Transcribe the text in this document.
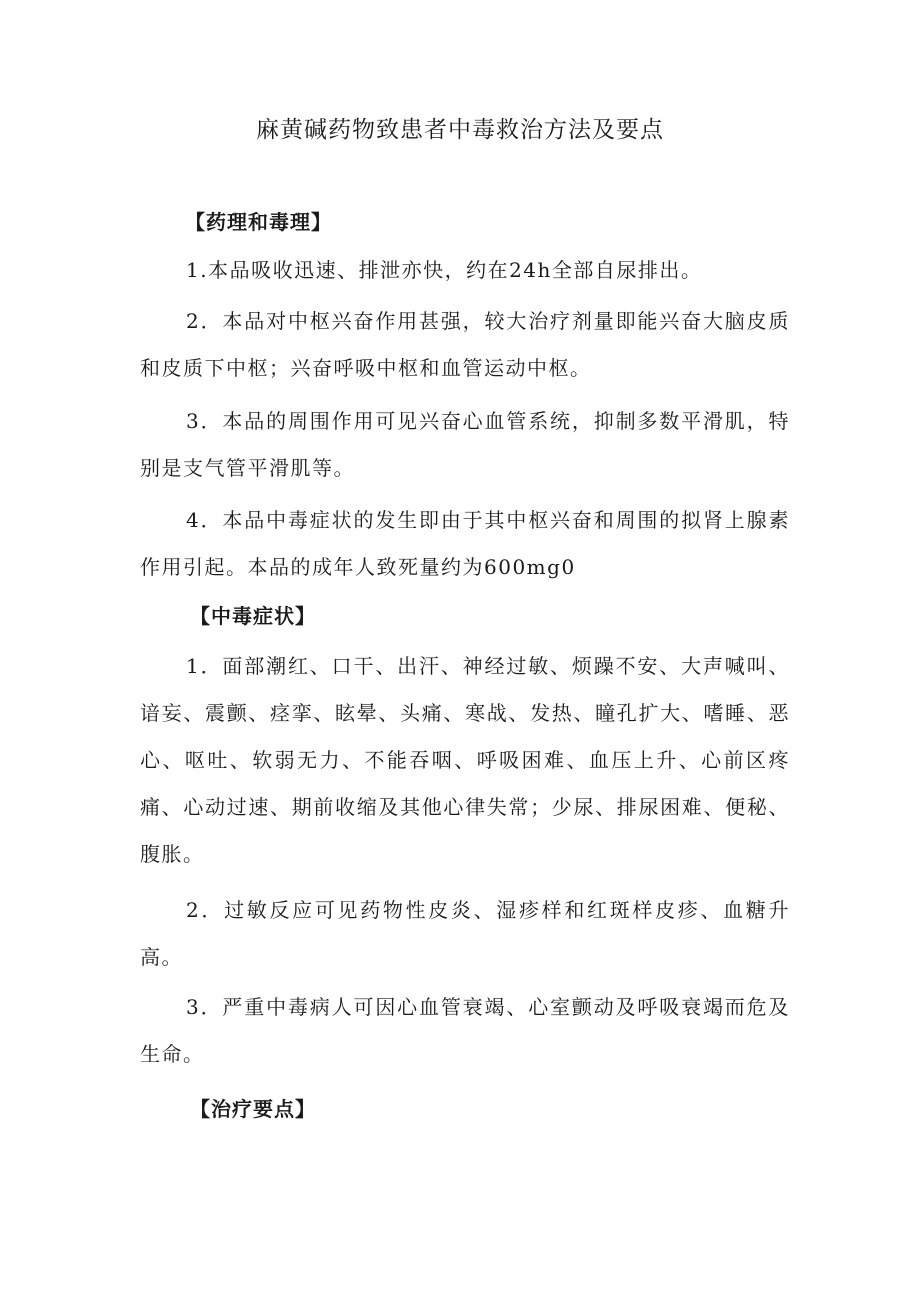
麻黄碱药物致患者中毒救治方法及要点
【药理和毒理】
1.本品吸收迅速、排泄亦快，约在24h全部自尿排出。
2．本品对中枢兴奋作用甚强，较大治疗剂量即能兴奋大脑皮质和皮质下中枢；兴奋呼吸中枢和血管运动中枢。
3．本品的周围作用可见兴奋心血管系统，抑制多数平滑肌，特别是支气管平滑肌等。
4．本品中毒症状的发生即由于其中枢兴奋和周围的拟肾上腺素作用引起。本品的成年人致死量约为600mg0
【中毒症状】
1．面部潮红、口干、出汗、神经过敏、烦躁不安、大声喊叫、谙妄、震颤、痉挛、眩晕、头痛、寒战、发热、瞳孔扩大、嗜睡、恶心、呕吐、软弱无力、不能吞咽、呼吸困难、血压上升、心前区疼痛、心动过速、期前收缩及其他心律失常；少尿、排尿困难、便秘、腹胀。
2．过敏反应可见药物性皮炎、湿疹样和红斑样皮疹、血糖升高。
3．严重中毒病人可因心血管衰竭、心室颤动及呼吸衰竭而危及生命。
【治疗要点】
